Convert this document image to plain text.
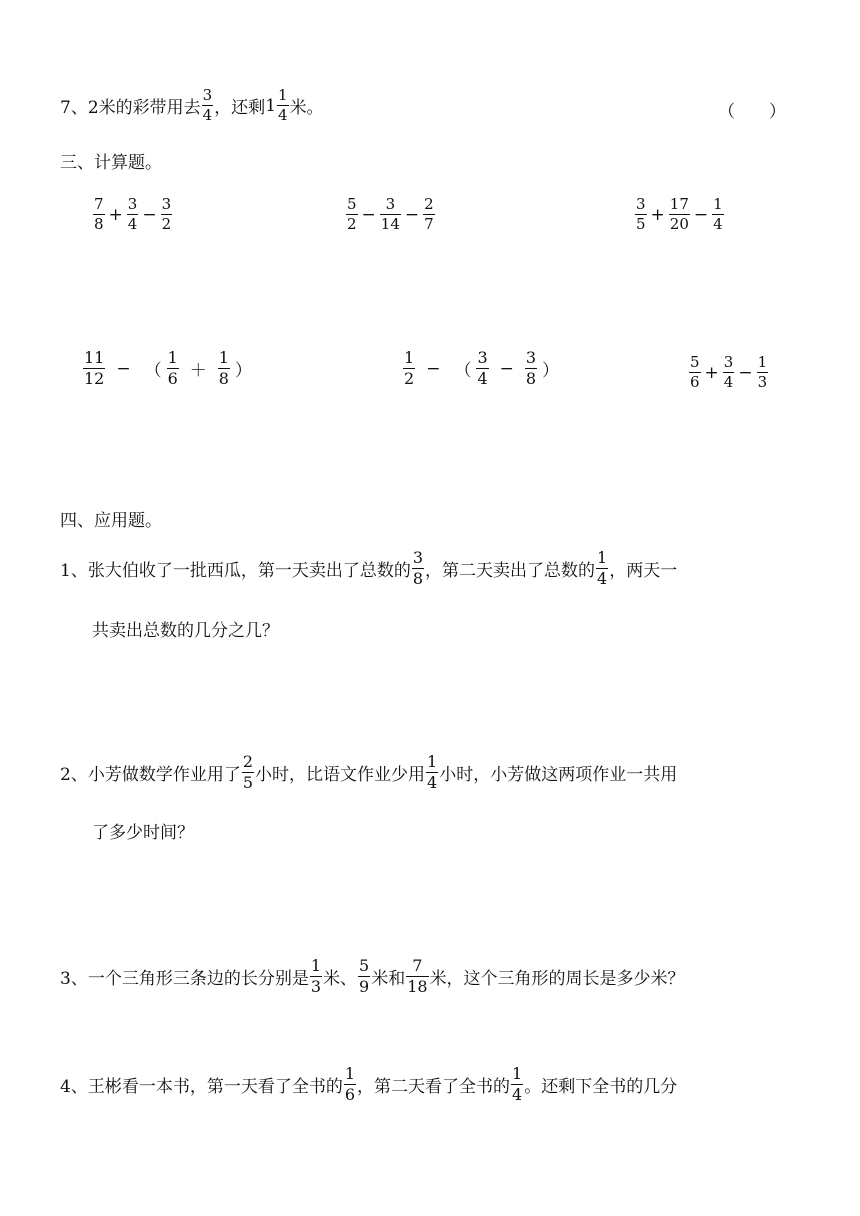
7、2米的彩带用去 $\frac{3}{4}$ ，还剩 $1 \frac{1}{4}$ 米。	（　　）
三、计算题。
$\frac{7}{8} + \frac{3}{4} - \frac{3}{2}$	$\frac{5}{2} - \frac{3}{14} - \frac{2}{7}$	$\frac{3}{5} + \frac{17}{20} - \frac{1}{4}$
$\frac{11}{12}$ − （ $\frac{1}{6} + \frac{1}{8}$ ）	$\frac{1}{2}$ − （ $\frac{3}{4} - \frac{3}{8}$ ）	$\frac{5}{6} + \frac{3}{4} - \frac{1}{3}$
四、应用题。
1、张大伯收了一批西瓜，第一天卖出了总数的 $\frac{3}{8}$ ，第二天卖出了总数的 $\frac{1}{4}$ ，两天一
共卖出总数的几分之几？
2、小芳做数学作业用了 $\frac{2}{5}$ 小时，比语文作业少用 $\frac{1}{4}$ 小时，小芳做这两项作业一共用
了多少时间？
3、一个三角形三条边的长分别是 $\frac{1}{3}$ 米、 $\frac{5}{9}$ 米和 $\frac{7}{18}$ 米，这个三角形的周长是多少米？
4、王彬看一本书，第一天看了全书的 $\frac{1}{6}$ ，第二天看了全书的 $\frac{1}{4}$ 。还剩下全书的几分
